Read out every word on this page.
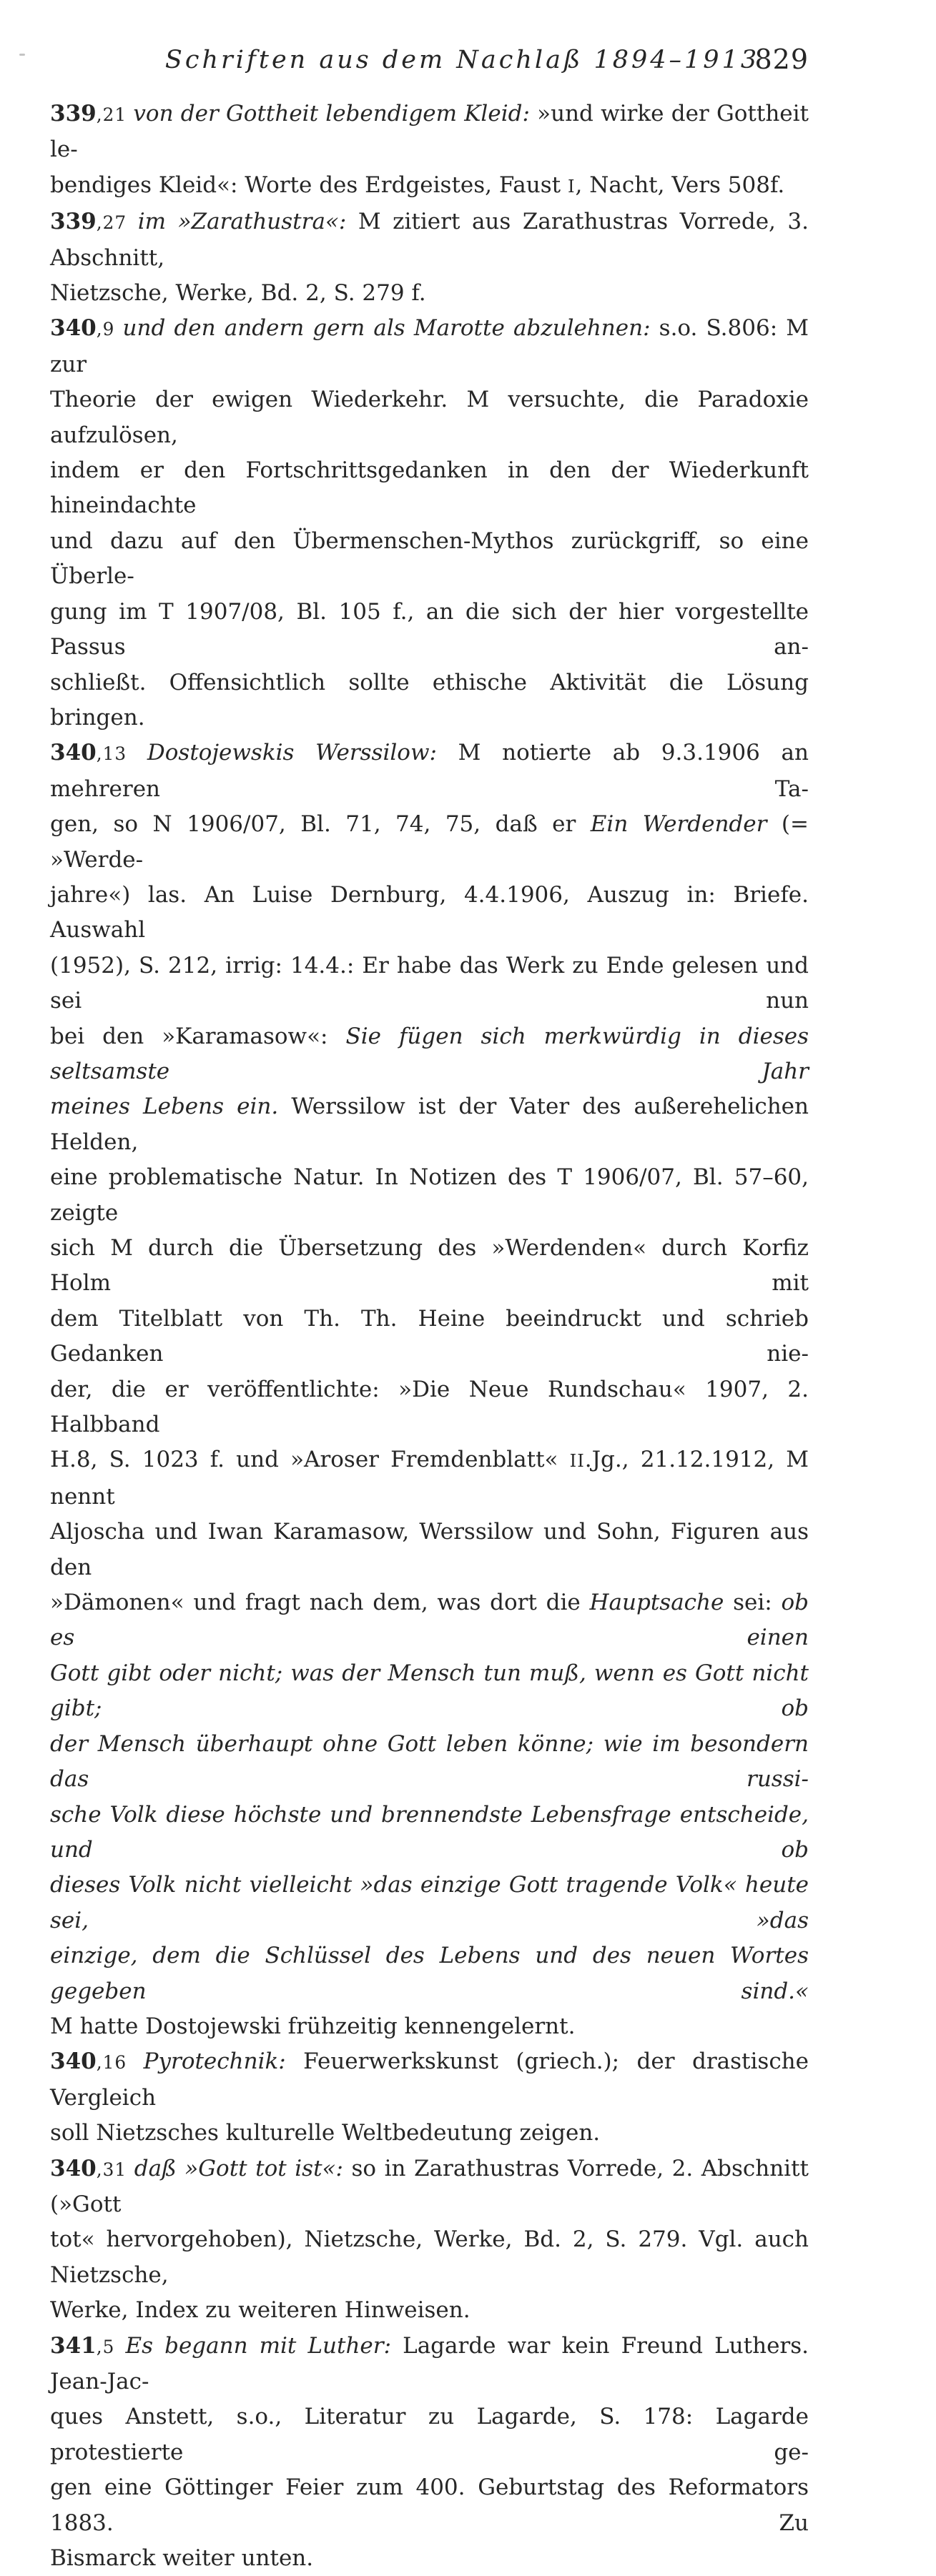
Schriften aus dem Nachlaß 1894–1913
829

339,21 von der Gottheit lebendigem Kleid: »und wirke der Gottheit le-
bendiges Kleid«: Worte des Erdgeistes, Faust I, Nacht, Vers 508f.

339,27 im »Zarathustra«: M zitiert aus Zarathustras Vorrede, 3. Abschnitt,
Nietzsche, Werke, Bd. 2, S. 279 f.

340,9 und den andern gern als Marotte abzulehnen: s.o. S.806: M zur
Theorie der ewigen Wiederkehr. M versuchte, die Paradoxie aufzulösen,
indem er den Fortschrittsgedanken in den der Wiederkunft hineindachte
und dazu auf den Übermenschen-Mythos zurückgriff, so eine Überle-
gung im T 1907/08, Bl. 105 f., an die sich der hier vorgestellte Passus an-
schließt. Offensichtlich sollte ethische Aktivität die Lösung bringen.

340,13 Dostojewskis Werssilow: M notierte ab 9.3.1906 an mehreren Ta-
gen, so N 1906/07, Bl. 71, 74, 75, daß er Ein Werdender (= »Werde-
jahre«) las. An Luise Dernburg, 4.4.1906, Auszug in: Briefe. Auswahl
(1952), S. 212, irrig: 14.4.: Er habe das Werk zu Ende gelesen und sei nun
bei den »Karamasow«: Sie fügen sich merkwürdig in dieses seltsamste Jahr
meines Lebens ein. Werssilow ist der Vater des außerehelichen Helden,
eine problematische Natur. In Notizen des T 1906/07, Bl. 57–60, zeigte
sich M durch die Übersetzung des »Werdenden« durch Korfiz Holm mit
dem Titelblatt von Th. Th. Heine beeindruckt und schrieb Gedanken nie-
der, die er veröffentlichte: »Die Neue Rundschau« 1907, 2. Halbband
H.8, S. 1023 f. und »Aroser Fremdenblatt« II.Jg., 21.12.1912, M nennt
Aljoscha und Iwan Karamasow, Werssilow und Sohn, Figuren aus den
»Dämonen« und fragt nach dem, was dort die Hauptsache sei: ob es einen
Gott gibt oder nicht; was der Mensch tun muß, wenn es Gott nicht gibt; ob
der Mensch überhaupt ohne Gott leben könne; wie im besondern das russi-
sche Volk diese höchste und brennendste Lebensfrage entscheide, und ob
dieses Volk nicht vielleicht »das einzige Gott tragende Volk« heute sei, »das
einzige, dem die Schlüssel des Lebens und des neuen Wortes gegeben sind.«
M hatte Dostojewski frühzeitig kennengelernt.

340,16 Pyrotechnik: Feuerwerkskunst (griech.); der drastische Vergleich
soll Nietzsches kulturelle Weltbedeutung zeigen.

340,31 daß »Gott tot ist«: so in Zarathustras Vorrede, 2. Abschnitt (»Gott
tot« hervorgehoben), Nietzsche, Werke, Bd. 2, S. 279. Vgl. auch Nietzsche,
Werke, Index zu weiteren Hinweisen.

341,5 Es begann mit Luther: Lagarde war kein Freund Luthers. Jean-Jac-
ques Anstett, s.o., Literatur zu Lagarde, S. 178: Lagarde protestierte ge-
gen eine Göttinger Feier zum 400. Geburtstag des Reformators 1883. Zu
Bismarck weiter unten.
